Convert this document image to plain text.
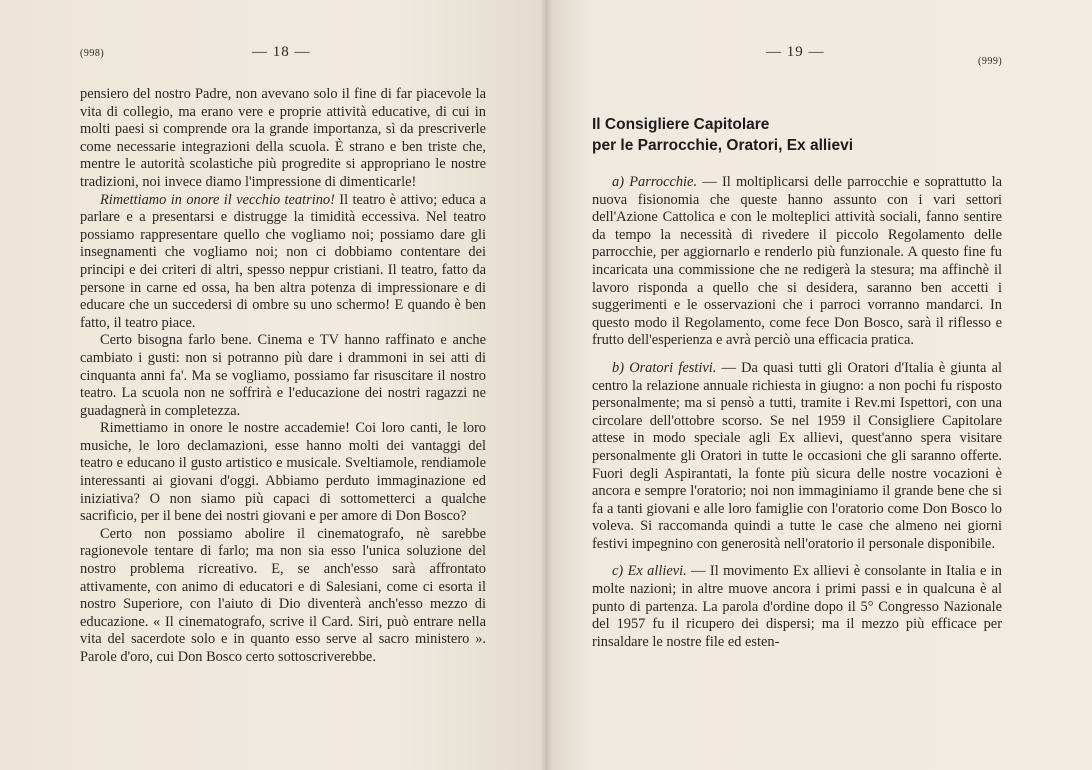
(998)	— 18 —

pensiero del nostro Padre, non avevano solo il fine di far piacevole la vita di collegio, ma erano vere e proprie attività educative, di cui in molti paesi si comprende ora la grande importanza, sì da prescriverle come necessarie integrazioni della scuola. È strano e ben triste che, mentre le autorità scolastiche più progredite si appropriano le nostre tradizioni, noi invece diamo l'impressione di dimenticarle!

Rimettiamo in onore il vecchio teatrino! Il teatro è attivo; educa a parlare e a presentarsi e distrugge la timidità eccessiva. Nel teatro possiamo rappresentare quello che vogliamo noi; possiamo dare gli insegnamenti che vogliamo noi; non ci dobbiamo contentare dei principi e dei criteri di altri, spesso neppur cristiani. Il teatro, fatto da persone in carne ed ossa, ha ben altra potenza di impressionare e di educare che un succedersi di ombre su uno schermo! E quando è ben fatto, il teatro piace.

Certo bisogna farlo bene. Cinema e TV hanno raffinato e anche cambiato i gusti: non si potranno più dare i drammoni in sei atti di cinquanta anni fa'. Ma se vogliamo, possiamo far risuscitare il nostro teatro. La scuola non ne soffrirà e l'educazione dei nostri ragazzi ne guadagnerà in completezza.

Rimettiamo in onore le nostre accademie! Coi loro canti, le loro musiche, le loro declamazioni, esse hanno molti dei vantaggi del teatro e educano il gusto artistico e musicale. Sveltiamole, rendiamole interessanti ai giovani d'oggi. Abbiamo perduto immaginazione ed iniziativa? O non siamo più capaci di sottometterci a qualche sacrificio, per il bene dei nostri giovani e per amore di Don Bosco?

Certo non possiamo abolire il cinematografo, nè sarebbe ragionevole tentare di farlo; ma non sia esso l'unica soluzione del nostro problema ricreativo. E, se anch'esso sarà affrontato attivamente, con animo di educatori e di Salesiani, come ci esorta il nostro Superiore, con l'aiuto di Dio diventerà anch'esso mezzo di educazione. « Il cinematografo, scrive il Card. Siri, può entrare nella vita del sacerdote solo e in quanto esso serve al sacro ministero ». Parole d'oro, cui Don Bosco certo sottoscriverebbe.

— 19 —
(999)
Il Consigliere Capitolare
per le Parrocchie, Oratori, Ex allievi

a) Parrocchie. — Il moltiplicarsi delle parrocchie e soprattutto la nuova fisionomia che queste hanno assunto con i vari settori dell'Azione Cattolica e con le molteplici attività sociali, fanno sentire da tempo la necessità di rivedere il piccolo Regolamento delle parrocchie, per aggiornarlo e renderlo più funzionale. A questo fine fu incaricata una commissione che ne redigerà la stesura; ma affinchè il lavoro risponda a quello che si desidera, saranno ben accetti i suggerimenti e le osservazioni che i parroci vorranno mandarci. In questo modo il Regolamento, come fece Don Bosco, sarà il riflesso e frutto dell'esperienza e avrà perciò una efficacia pratica.

b) Oratori festivi. — Da quasi tutti gli Oratori d'Italia è giunta al centro la relazione annuale richiesta in giugno: a non pochi fu risposto personalmente; ma si pensò a tutti, tramite i Rev.mi Ispettori, con una circolare dell'ottobre scorso. Se nel 1959 il Consigliere Capitolare attese in modo speciale agli Ex allievi, quest'anno spera visitare personalmente gli Oratori in tutte le occasioni che gli saranno offerte. Fuori degli Aspirantati, la fonte più sicura delle nostre vocazioni è ancora e sempre l'oratorio; noi non immaginiamo il grande bene che si fa a tanti giovani e alle loro famiglie con l'oratorio come Don Bosco lo voleva. Si raccomanda quindi a tutte le case che almeno nei giorni festivi impegnino con generosità nell'oratorio il personale disponibile.

c) Ex allievi. — Il movimento Ex allievi è consolante in Italia e in molte nazioni; in altre muove ancora i primi passi e in qualcuna è al punto di partenza. La parola d'ordine dopo il 5° Congresso Nazionale del 1957 fu il ricupero dei dispersi; ma il mezzo più efficace per rinsaldare le nostre file ed esten-
